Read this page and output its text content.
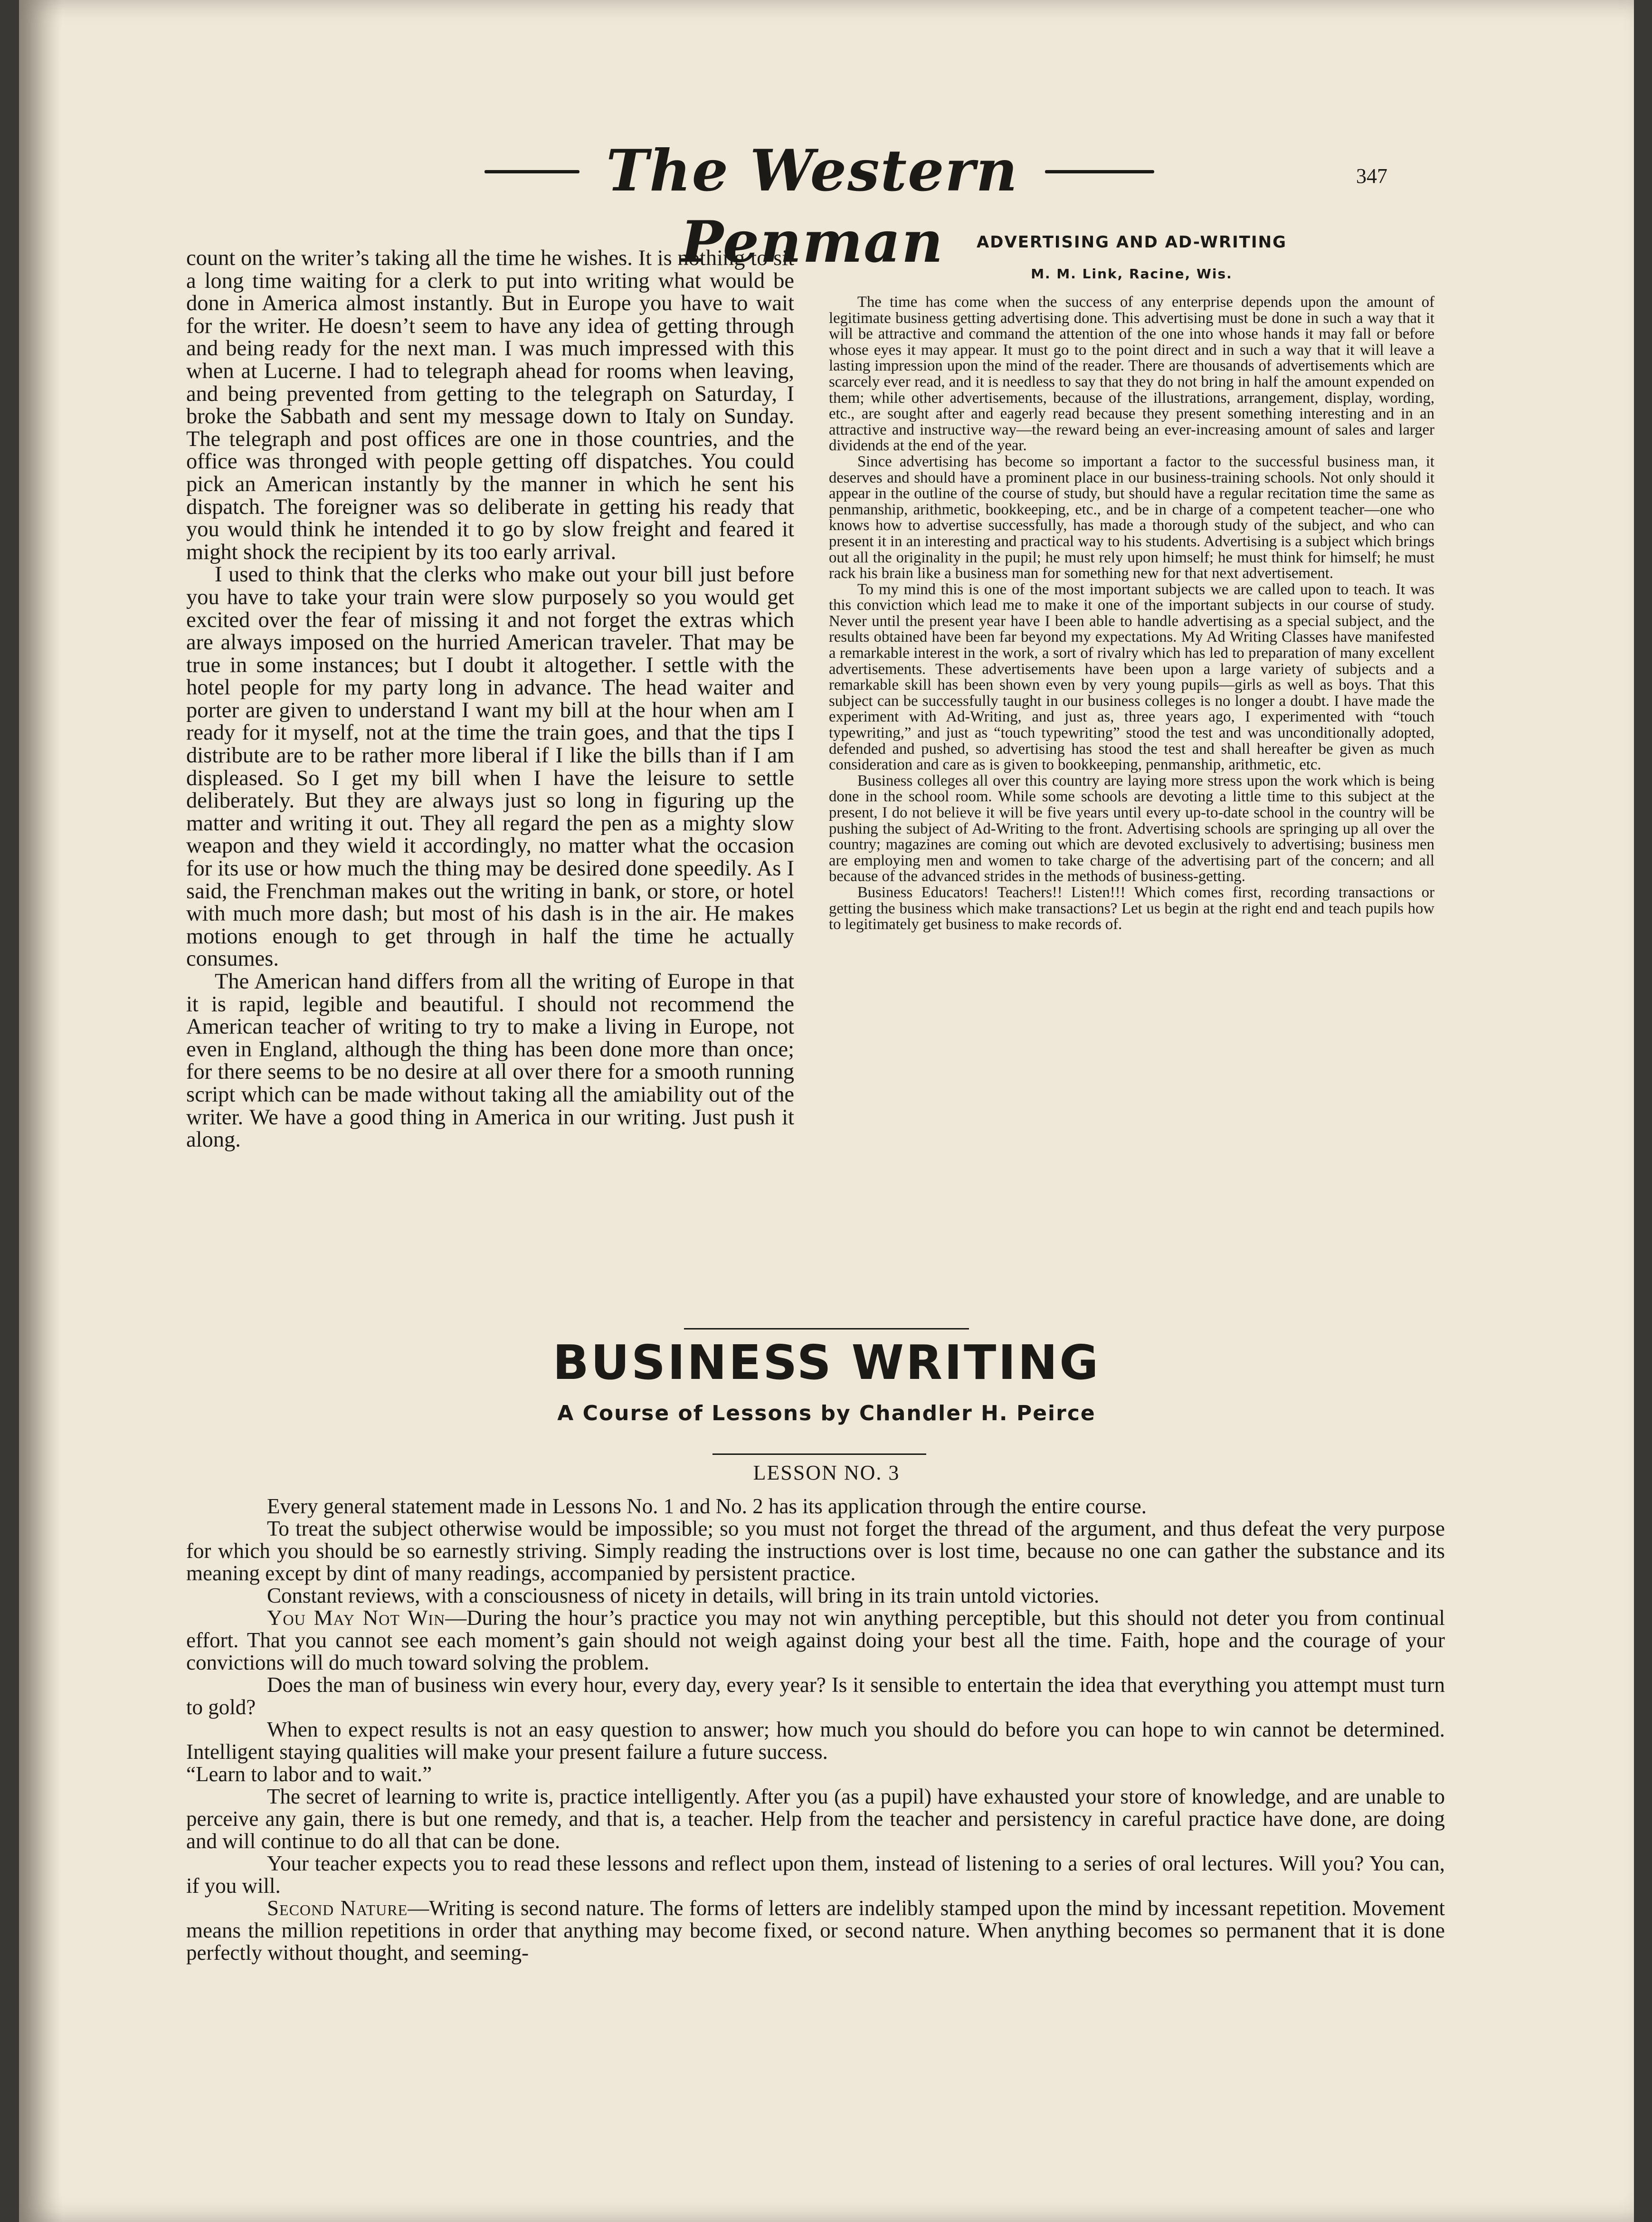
The Western Penman
347

count on the writer’s taking all the time he wishes. It is nothing to sit a long time waiting for a clerk to put into writing what would be done in America almost instantly. But in Europe you have to wait for the writer. He doesn’t seem to have any idea of getting through and being ready for the next man. I was much impressed with this when at Lucerne. I had to telegraph ahead for rooms when leaving, and being prevented from getting to the telegraph on Saturday, I broke the Sabbath and sent my message down to Italy on Sunday. The telegraph and post offices are one in those countries, and the office was thronged with people getting off dispatches. You could pick an American instantly by the manner in which he sent his dispatch. The foreigner was so deliberate in getting his ready that you would think he intended it to go by slow freight and feared it might shock the recipient by its too early arrival.

I used to think that the clerks who make out your bill just before you have to take your train were slow purposely so you would get excited over the fear of missing it and not forget the extras which are always imposed on the hurried American traveler. That may be true in some instances; but I doubt it altogether. I settle with the hotel people for my party long in advance. The head waiter and porter are given to understand I want my bill at the hour when am I ready for it myself, not at the time the train goes, and that the tips I distribute are to be rather more liberal if I like the bills than if I am displeased. So I get my bill when I have the leisure to settle deliberately. But they are always just so long in figuring up the matter and writing it out. They all regard the pen as a mighty slow weapon and they wield it accordingly, no matter what the occasion for its use or how much the thing may be desired done speedily. As I said, the Frenchman makes out the writing in bank, or store, or hotel with much more dash; but most of his dash is in the air. He makes motions enough to get through in half the time he actually consumes.

The American hand differs from all the writing of Europe in that it is rapid, legible and beautiful. I should not recommend the American teacher of writing to try to make a living in Europe, not even in England, although the thing has been done more than once; for there seems to be no desire at all over there for a smooth running script which can be made without taking all the amiability out of the writer. We have a good thing in America in our writing. Just push it along.

ADVERTISING AND AD-WRITING
M. M. Link, Racine, Wis.

The time has come when the success of any enterprise depends upon the amount of legitimate business getting advertising done. This advertising must be done in such a way that it will be attractive and command the attention of the one into whose hands it may fall or before whose eyes it may appear. It must go to the point direct and in such a way that it will leave a lasting impression upon the mind of the reader. There are thousands of advertisements which are scarcely ever read, and it is needless to say that they do not bring in half the amount expended on them; while other advertisements, because of the illustrations, arrangement, display, wording, etc., are sought after and eagerly read because they present something interesting and in an attractive and instructive way—the reward being an ever-increasing amount of sales and larger dividends at the end of the year.

Since advertising has become so important a factor to the successful business man, it deserves and should have a prominent place in our business-training schools. Not only should it appear in the outline of the course of study, but should have a regular recitation time the same as penmanship, arithmetic, bookkeeping, etc., and be in charge of a competent teacher—one who knows how to advertise successfully, has made a thorough study of the subject, and who can present it in an interesting and practical way to his students. Advertising is a subject which brings out all the originality in the pupil; he must rely upon himself; he must think for himself; he must rack his brain like a business man for something new for that next advertisement.

To my mind this is one of the most important subjects we are called upon to teach. It was this conviction which lead me to make it one of the important subjects in our course of study. Never until the present year have I been able to handle advertising as a special subject, and the results obtained have been far beyond my expectations. My Ad Writing Classes have manifested a remarkable interest in the work, a sort of rivalry which has led to preparation of many excellent advertisements. These advertisements have been upon a large variety of subjects and a remarkable skill has been shown even by very young pupils—girls as well as boys. That this subject can be successfully taught in our business colleges is no longer a doubt. I have made the experiment with Ad-Writing, and just as, three years ago, I experimented with “touch typewriting,” and just as “touch typewriting” stood the test and was unconditionally adopted, defended and pushed, so advertising has stood the test and shall hereafter be given as much consideration and care as is given to bookkeeping, penmanship, arithmetic, etc.

Business colleges all over this country are laying more stress upon the work which is being done in the school room. While some schools are devoting a little time to this subject at the present, I do not believe it will be five years until every up-to-date school in the country will be pushing the subject of Ad-Writing to the front. Advertising schools are springing up all over the country; magazines are coming out which are devoted exclusively to advertising; business men are employing men and women to take charge of the advertising part of the concern; and all because of the advanced strides in the methods of business-getting.

Business Educators! Teachers!! Listen!!! Which comes first, recording transactions or getting the business which make transactions? Let us begin at the right end and teach pupils how to legitimately get business to make records of.

BUSINESS WRITING
A Course of Lessons by Chandler H. Peirce
LESSON NO. 3

Every general statement made in Lessons No. 1 and No. 2 has its application through the entire course.

To treat the subject otherwise would be impossible; so you must not forget the thread of the argument, and thus defeat the very purpose for which you should be so earnestly striving. Simply reading the instructions over is lost time, because no one can gather the substance and its meaning except by dint of many readings, accompanied by persistent practice.

Constant reviews, with a consciousness of nicety in details, will bring in its train untold victories.

You May Not Win—During the hour’s practice you may not win anything perceptible, but this should not deter you from continual effort. That you cannot see each moment’s gain should not weigh against doing your best all the time. Faith, hope and the courage of your convictions will do much toward solving the problem.

Does the man of business win every hour, every day, every year? Is it sensible to entertain the idea that everything you attempt must turn to gold?

When to expect results is not an easy question to answer; how much you should do before you can hope to win cannot be determined. Intelligent staying qualities will make your present failure a future success.

“Learn to labor and to wait.”

The secret of learning to write is, practice intelligently. After you (as a pupil) have exhausted your store of knowledge, and are unable to perceive any gain, there is but one remedy, and that is, a teacher. Help from the teacher and persistency in careful practice have done, are doing and will continue to do all that can be done.

Your teacher expects you to read these lessons and reflect upon them, instead of listening to a series of oral lectures. Will you? You can, if you will.

Second Nature—Writing is second nature. The forms of letters are indelibly stamped upon the mind by incessant repetition. Movement means the million repetitions in order that anything may become fixed, or second nature. When anything becomes so permanent that it is done perfectly without thought, and seeming-
